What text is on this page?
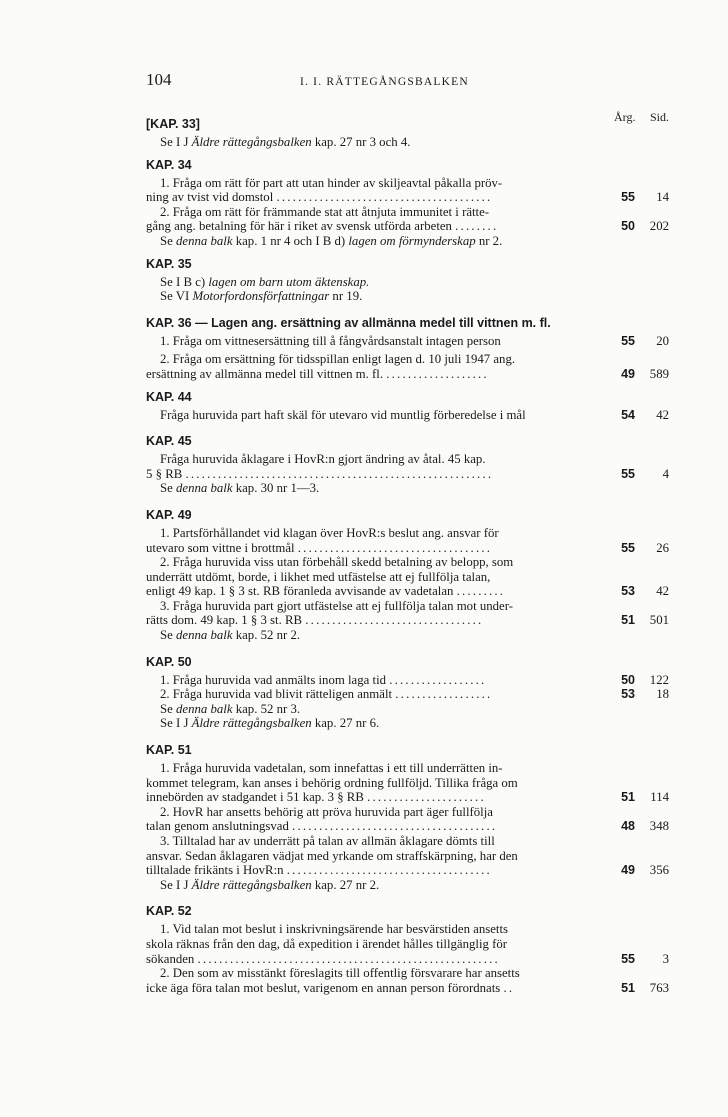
104	I. I. RÄTTEGÅNGSBALKEN
Årg. Sid.
[KAP. 33]
Se I J Äldre rättegångsbalken kap. 27 nr 3 och 4.
KAP. 34
1. Fråga om rätt för part att utan hinder av skiljeavtal påkalla pröv-
ning av tvist vid domstol ........................................	55	14
2. Fråga om rätt för främmande stat att åtnjuta immunitet i rätte-
gång ang. betalning för här i riket av svensk utförda arbeten ........	50	202
Se denna balk kap. 1 nr 4 och I B d) lagen om förmynderskap nr 2.
KAP. 35
Se I B c) lagen om barn utom äktenskap.
Se VI Motorfordonsförfattningar nr 19.
KAP. 36 — Lagen ang. ersättning av allmänna medel till vittnen m. fl.
1. Fråga om vittnesersättning till å fångvårdsanstalt intagen person	55	20
2. Fråga om ersättning för tidsspillan enligt lagen d. 10 juli 1947 ang.
ersättning av allmänna medel till vittnen m. fl. ...................	49	589
KAP. 44
Fråga huruvida part haft skäl för utevaro vid muntlig förberedelse i mål	54	42
KAP. 45
Fråga huruvida åklagare i HovR:n gjort ändring av åtal. 45 kap.
5 § RB .........................................................	55	4
Se denna balk kap. 30 nr 1—3.
KAP. 49
1. Partsförhållandet vid klagan över HovR:s beslut ang. ansvar för
utevaro som vittne i brottmål ....................................	55	26
2. Fråga huruvida viss utan förbehåll skedd betalning av belopp, som
underrätt utdömt, borde, i likhet med utfästelse att ej fullfölja talan,
enligt 49 kap. 1 § 3 st. RB föranleda avvisande av vadetalan .........	53	42
3. Fråga huruvida part gjort utfästelse att ej fullfölja talan mot under-
rätts dom. 49 kap. 1 § 3 st. RB .................................	51	501
Se denna balk kap. 52 nr 2.
KAP. 50
1. Fråga huruvida vad anmälts inom laga tid ..................	50	122
2. Fråga huruvida vad blivit rätteligen anmält ..................	53	18
Se denna balk kap. 52 nr 3.
Se I J Äldre rättegångsbalken kap. 27 nr 6.
KAP. 51
1. Fråga huruvida vadetalan, som innefattas i ett till underrätten in-
kommet telegram, kan anses i behörig ordning fullföljd. Tillika fråga om
innebörden av stadgandet i 51 kap. 3 § RB ......................	51	114
2. HovR har ansetts behörig att pröva huruvida part äger fullfölja
talan genom anslutningsvad ......................................	48	348
3. Tilltalad har av underrätt på talan av allmän åklagare dömts till
ansvar. Sedan åklagaren vädjat med yrkande om straffskärpning, har den
tilltalade frikänts i HovR:n ......................................	49	356
Se I J Äldre rättegångsbalken kap. 27 nr 2.
KAP. 52
1. Vid talan mot beslut i inskrivningsärende har besvärstiden ansetts
skola räknas från den dag, då expedition i ärendet hålles tillgänglig för
sökanden ........................................................	55	3
2. Den som av misstänkt föreslagits till offentlig försvarare har ansetts
icke äga föra talan mot beslut, varigenom en annan person förordnats ..	51	763
